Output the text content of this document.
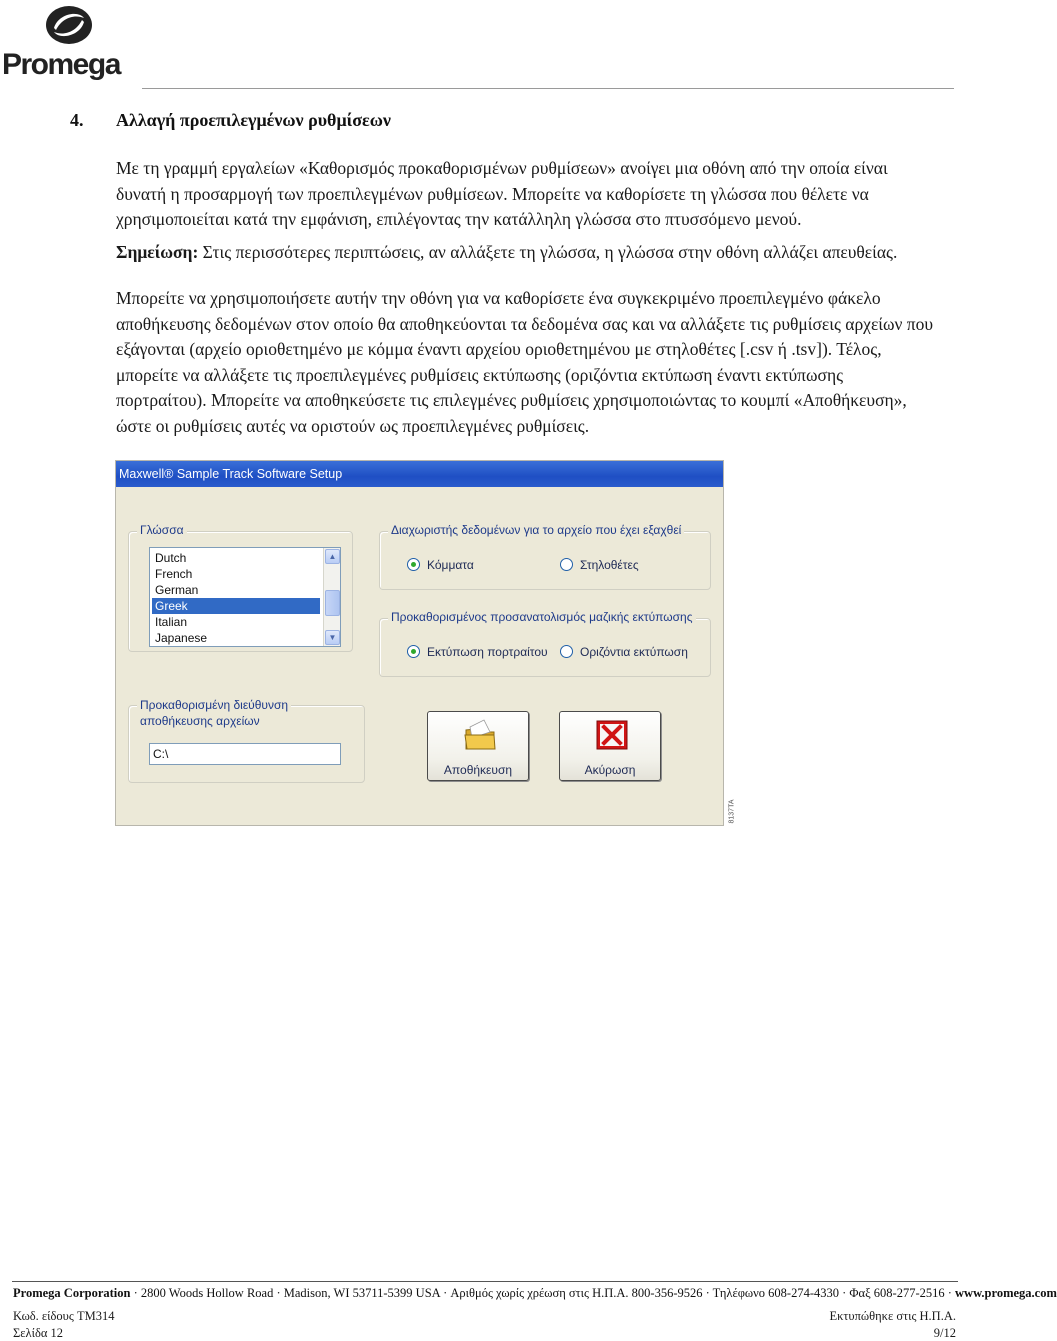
Promega
4. Αλλαγή προεπιλεγμένων ρυθμίσεων
Με τη γραμμή εργαλείων «Καθορισμός προκαθορισμένων ρυθμίσεων» ανοίγει μια οθόνη από την οποία είναι δυνατή η προσαρμογή των προεπιλεγμένων ρυθμίσεων. Μπορείτε να καθορίσετε τη γλώσσα που θέλετε να χρησιμοποιείται κατά την εμφάνιση, επιλέγοντας την κατάλληλη γλώσσα στο πτυσσόμενο μενού.
Σημείωση: Στις περισσότερες περιπτώσεις, αν αλλάξετε τη γλώσσα, η γλώσσα στην οθόνη αλλάζει απευθείας.
Μπορείτε να χρησιμοποιήσετε αυτήν την οθόνη για να καθορίσετε ένα συγκεκριμένο προεπιλεγμένο φάκελο αποθήκευσης δεδομένων στον οποίο θα αποθηκεύονται τα δεδομένα σας και να αλλάξετε τις ρυθμίσεις αρχείων που εξάγονται (αρχείο οριοθετημένο με κόμμα έναντι αρχείου οριοθετημένου με στηλοθέτες [.csv ή .tsv]). Τέλος, μπορείτε να αλλάξετε τις προεπιλεγμένες ρυθμίσεις εκτύπωσης (οριζόντια εκτύπωση έναντι εκτύπωσης πορτραίτου). Μπορείτε να αποθηκεύσετε τις επιλεγμένες ρυθμίσεις χρησιμοποιώντας το κουμπί «Αποθήκευση», ώστε οι ρυθμίσεις αυτές να οριστούν ως προεπιλεγμένες ρυθμίσεις.
Maxwell® Sample Track Software Setup
Γλώσσα
Dutch
French
German
Greek
Italian
Japanese
▲
▼
Διαχωριστής δεδομένων για το αρχείο που έχει εξαχθεί
Κόμματα	Στηλοθέτες
Προκαθορισμένος προσανατολισμός μαζικής εκτύπωσης
Εκτύπωση πορτραίτου	Οριζόντια εκτύπωση
Προκαθορισμένη διεύθυνση
αποθήκευσης αρχείων
C:\
Αποθήκευση	Ακύρωση
8137TA
Promega Corporation · 2800 Woods Hollow Road · Madison, WI 53711-5399 USA · Αριθμός χωρίς χρέωση στις Η.Π.Α. 800-356-9526 · Τηλέφωνο 608-274-4330 · Φαξ 608-277-2516 · www.promega.com
Κωδ. είδους TM314
Σελίδα 12
Εκτυπώθηκε στις Η.Π.Α.
9/12
